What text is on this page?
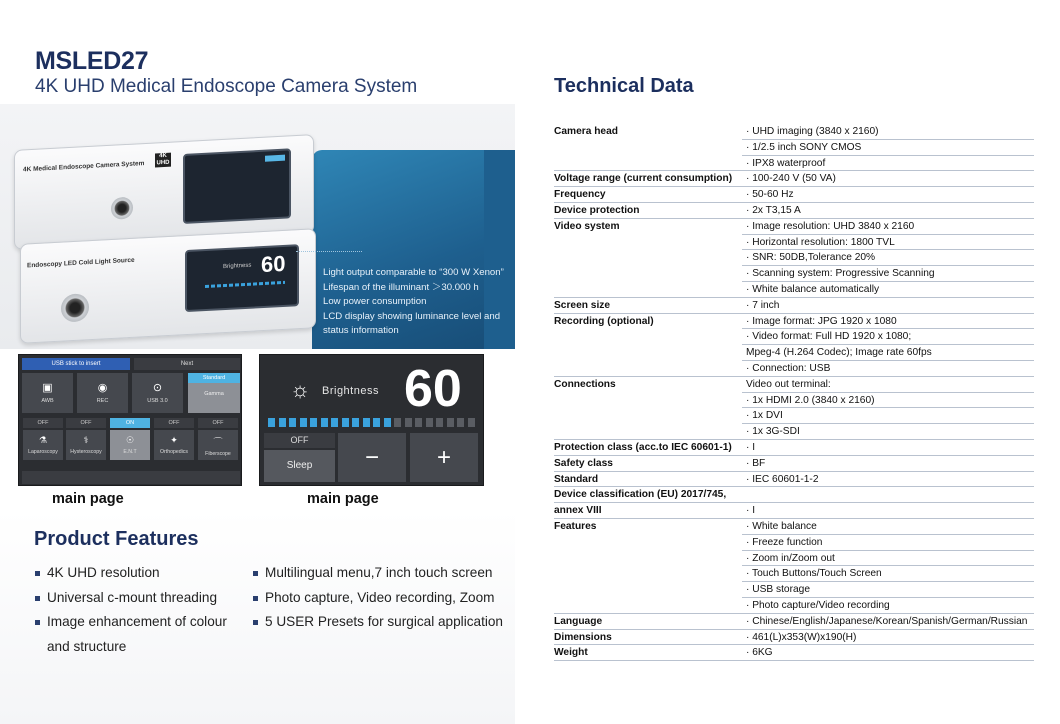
MSLED27
4K UHD Medical Endoscope Camera System
4K Medical Endoscope Camera System
4K UHD
Endoscopy LED Cold Light Source	Brightness 60	Light output comparable to “300 W Xenon”
Lifespan of the illuminant ＞30.000 h
Low power consumption
LCD display showing luminance level and
status information
USB stick to insert	Next
▣
AWB
◉
REC
⊙
USB 3.0
Standard
Gamma
OFF	OFF	ON	OFF	OFF
⚗
Laparoscopy
⚕
Hysteroscopy
☉
E.N.T
✦
Orthopedics
⌒
Fiberscope
☼ Brightness 60
OFF
Sleep	−	+
main page	main page
Product Features
4K UHD resolution
Universal c-mount threading
Image enhancement of colour and structure
Multilingual menu,7 inch touch screen
Photo capture, Video recording, Zoom
5 USER Presets for surgical application
Technical Data
Camera head	· UHD imaging (3840 x 2160)
· 1/2.5 inch SONY CMOS
· IPX8 waterproof
Voltage range (current consumption) · 100-240 V (50 VA)
Frequency	· 50-60 Hz
Device protection	· 2x T3,15 A
Video system	· Image resolution: UHD 3840 x 2160
· Horizontal resolution: 1800 TVL
· SNR: 50DB,Tolerance 20%
· Scanning system: Progressive Scanning
· White balance automatically
Screen size	· 7 inch
Recording (optional)	· Image format: JPG 1920 x 1080
· Video format: Full HD 1920 x 1080;
Mpeg-4 (H.264 Codec); Image rate 60fps
· Connection: USB
Connections	Video out terminal:
· 1x HDMI 2.0 (3840 x 2160)
· 1x DVI
· 1x 3G-SDI
Protection class (acc.to IEC 60601-1) · I
Safety class	· BF
Standard	· IEC 60601-1-2
Device classification (EU) 2017/745,
annex VIII	· I
Features	· White balance
· Freeze function
· Zoom in/Zoom out
· Touch Buttons/Touch Screen
· USB storage
· Photo capture/Video recording
Language	· Chinese/English/Japanese/Korean/Spanish/German/Russian
Dimensions	· 461(L)x353(W)x190(H)
Weight	· 6KG
